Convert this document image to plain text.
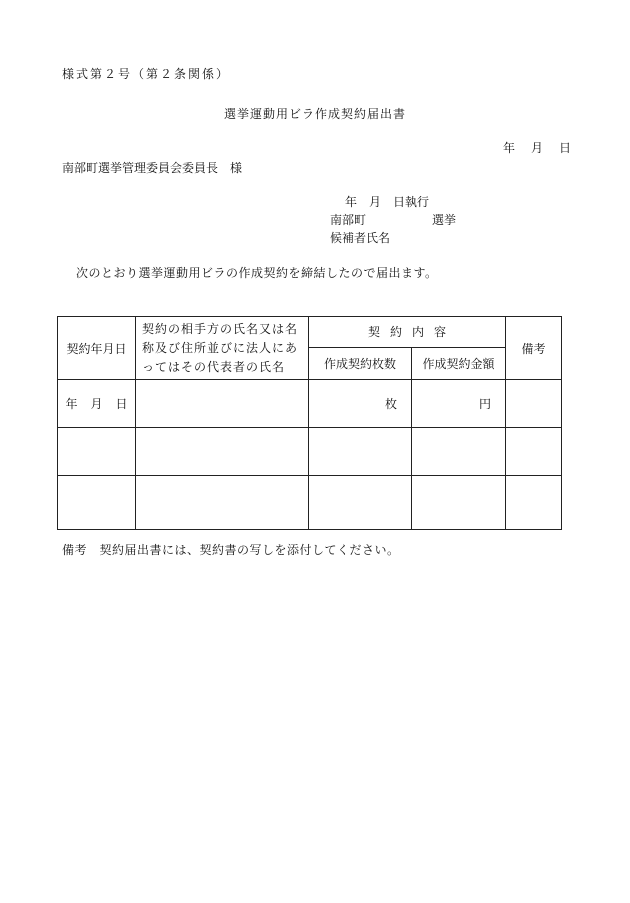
様式第２号（第２条関係）
選挙運動用ビラ作成契約届出書
年 月 日
南部町選挙管理委員会委員長　様
年　月　日執行
南部町	選挙
候補者氏名
次のとおり選挙運動用ビラの作成契約を締結したので届出ます。
契約年月日	契約の相手方の氏名又は名称及び住所並びに法人にあってはその代表者の氏名	契約内容		備考
		作成契約枚数	作成契約金額	
年 月 日		枚	円	

備考　契約届出書には、契約書の写しを添付してください。
